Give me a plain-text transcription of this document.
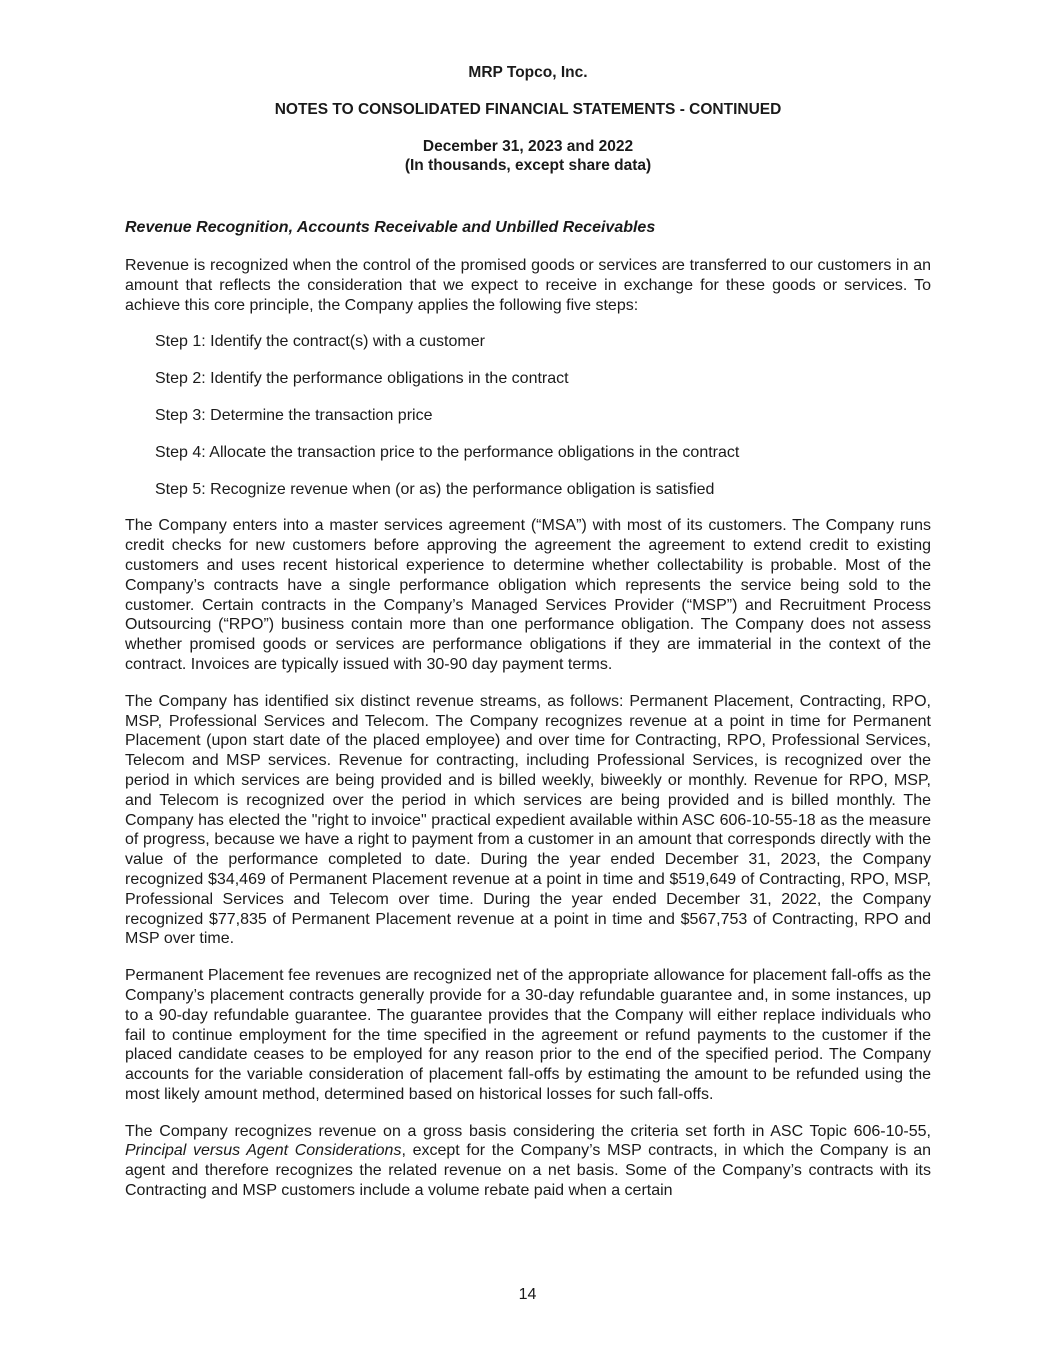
MRP Topco, Inc.

NOTES TO CONSOLIDATED FINANCIAL STATEMENTS - CONTINUED

December 31, 2023 and 2022

(In thousands, except share data)

Revenue Recognition, Accounts Receivable and Unbilled Receivables

Revenue is recognized when the control of the promised goods or services are transferred to our customers in an amount that reflects the consideration that we expect to receive in exchange for these goods or services. To achieve this core principle, the Company applies the following five steps:

Step 1: Identify the contract(s) with a customer

Step 2: Identify the performance obligations in the contract

Step 3: Determine the transaction price

Step 4: Allocate the transaction price to the performance obligations in the contract

Step 5: Recognize revenue when (or as) the performance obligation is satisfied

The Company enters into a master services agreement (“MSA”) with most of its customers. The Company runs credit checks for new customers before approving the agreement the agreement to extend credit to existing customers and uses recent historical experience to determine whether collectability is probable. Most of the Company’s contracts have a single performance obligation which represents the service being sold to the customer. Certain contracts in the Company’s Managed Services Provider (“MSP”) and Recruitment Process Outsourcing (“RPO”) business contain more than one performance obligation. The Company does not assess whether promised goods or services are performance obligations if they are immaterial in the context of the contract. Invoices are typically issued with 30-90 day payment terms.

The Company has identified six distinct revenue streams, as follows: Permanent Placement, Contracting, RPO, MSP, Professional Services and Telecom. The Company recognizes revenue at a point in time for Permanent Placement (upon start date of the placed employee) and over time for Contracting, RPO, Professional Services, Telecom and MSP services. Revenue for contracting, including Professional Services, is recognized over the period in which services are being provided and is billed weekly, biweekly or monthly. Revenue for RPO, MSP, and Telecom is recognized over the period in which services are being provided and is billed monthly. The Company has elected the "right to invoice" practical expedient available within ASC 606-10-55-18 as the measure of progress, because we have a right to payment from a customer in an amount that corresponds directly with the value of the performance completed to date. During the year ended December 31, 2023, the Company recognized $34,469 of Permanent Placement revenue at a point in time and $519,649 of Contracting, RPO, MSP, Professional Services and Telecom over time. During the year ended December 31, 2022, the Company recognized $77,835 of Permanent Placement revenue at a point in time and $567,753 of Contracting, RPO and MSP over time.

Permanent Placement fee revenues are recognized net of the appropriate allowance for placement fall-offs as the Company’s placement contracts generally provide for a 30-day refundable guarantee and, in some instances, up to a 90-day refundable guarantee. The guarantee provides that the Company will either replace individuals who fail to continue employment for the time specified in the agreement or refund payments to the customer if the placed candidate ceases to be employed for any reason prior to the end of the specified period. The Company accounts for the variable consideration of placement fall-offs by estimating the amount to be refunded using the most likely amount method, determined based on historical losses for such fall-offs.

The Company recognizes revenue on a gross basis considering the criteria set forth in ASC Topic 606-10-55, Principal versus Agent Considerations, except for the Company’s MSP contracts, in which the Company is an agent and therefore recognizes the related revenue on a net basis. Some of the Company’s contracts with its Contracting and MSP customers include a volume rebate paid when a certain

14
